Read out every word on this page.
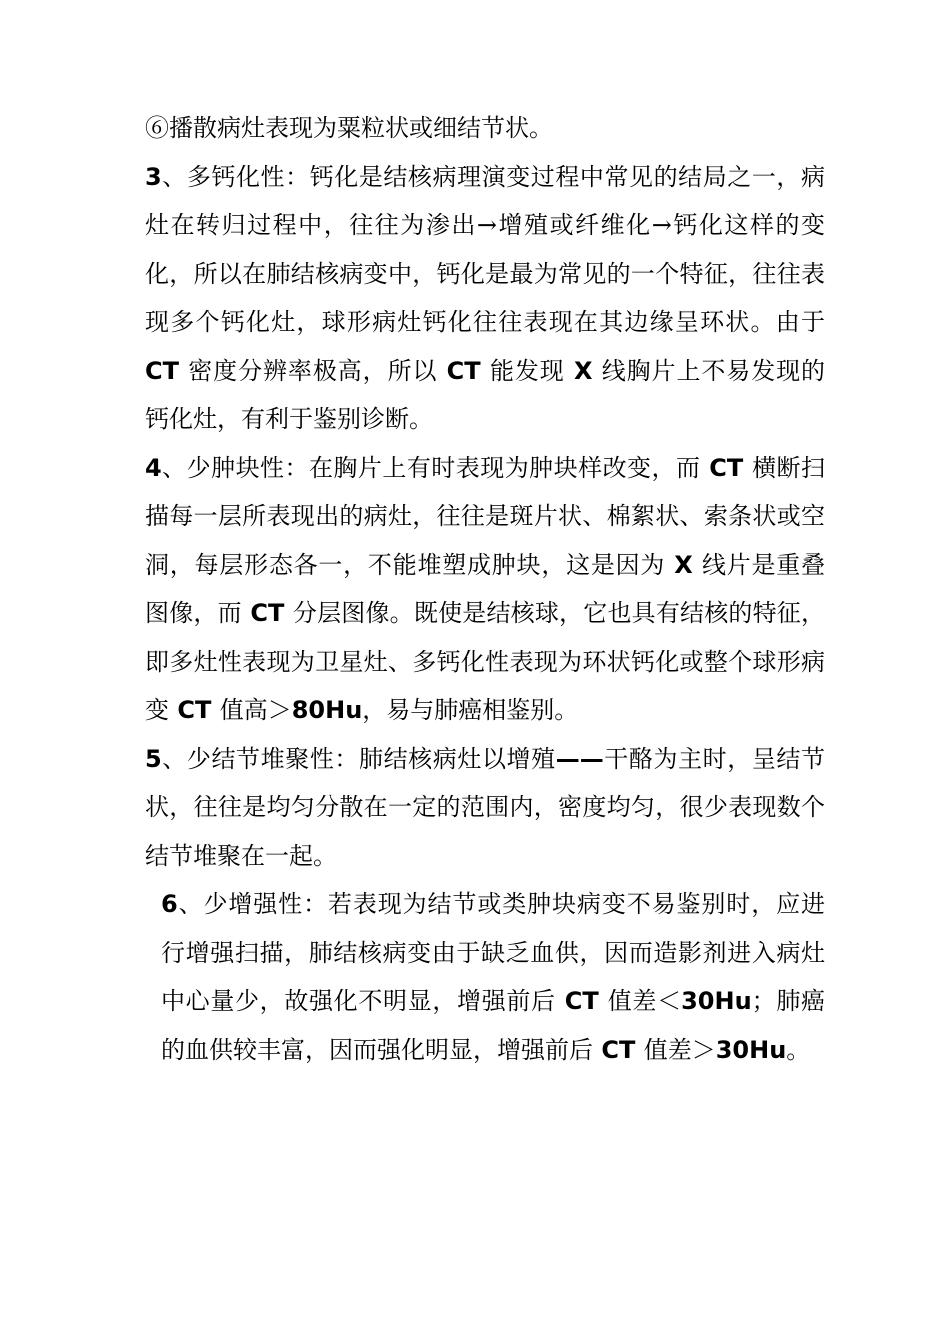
⑥播散病灶表现为粟粒状或细结节状。

3、多钙化性：钙化是结核病理演变过程中常见的结局之一，病灶在转归过程中，往往为渗出→增殖或纤维化→钙化这样的变化，所以在肺结核病变中，钙化是最为常见的一个特征，往往表现多个钙化灶，球形病灶钙化往往表现在其边缘呈环状。由于 CT 密度分辨率极高，所以 CT 能发现 X 线胸片上不易发现的钙化灶，有利于鉴别诊断。

4、少肿块性：在胸片上有时表现为肿块样改变，而 CT 横断扫描每一层所表现出的病灶，往往是斑片状、棉絮状、索条状或空洞，每层形态各一，不能堆塑成肿块，这是因为 X 线片是重叠图像，而 CT 分层图像。既使是结核球，它也具有结核的特征，即多灶性表现为卫星灶、多钙化性表现为环状钙化或整个球形病变 CT 值高＞80Hu，易与肺癌相鉴别。

5、少结节堆聚性：肺结核病灶以增殖——干酪为主时，呈结节状，往往是均匀分散在一定的范围内，密度均匀，很少表现数个结节堆聚在一起。

6、少增强性：若表现为结节或类肿块病变不易鉴别时，应进行增强扫描，肺结核病变由于缺乏血供，因而造影剂进入病灶中心量少，故强化不明显，增强前后 CT 值差＜30Hu；肺癌的血供较丰富，因而强化明显，增强前后 CT 值差＞30Hu。
